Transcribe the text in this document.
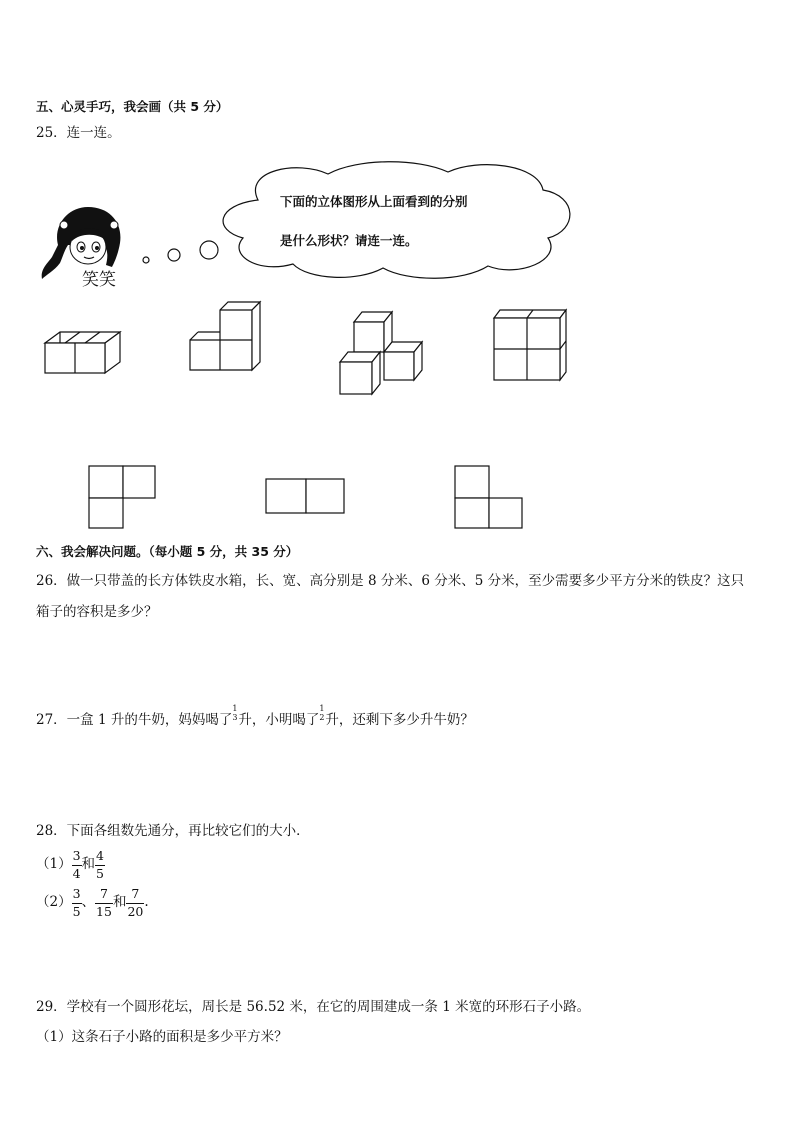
五、心灵手巧，我会画（共 5 分）
25．连一连。
笑笑
下面的立体图形从上面看到的分别
是什么形状？请连一连。
六、我会解决问题。（每小题 5 分，共 35 分）
26．做一只带盖的长方体铁皮水箱，长、宽、高分别是 8 分米、6 分米、5 分米，至少需要多少平方分米的铁皮？这只
箱子的容积是多少？
27．一盒 1 升的牛奶，妈妈喝了
1
3 升，小明喝了
1
2 升，还剩下多少升牛奶？
28．下面各组数先通分，再比较它们的大小．
$(1) \frac{3}{4}$ 和 $\frac{4}{5}$
$(2) \frac{3}{5}$ 、 $\frac{7}{15}$ 和 $\frac{7}{20}$ .
29．学校有一个圆形花坛，周长是 56.52 米，在它的周围建成一条 1 米宽的环形石子小路。
（1）这条石子小路的面积是多少平方米？
